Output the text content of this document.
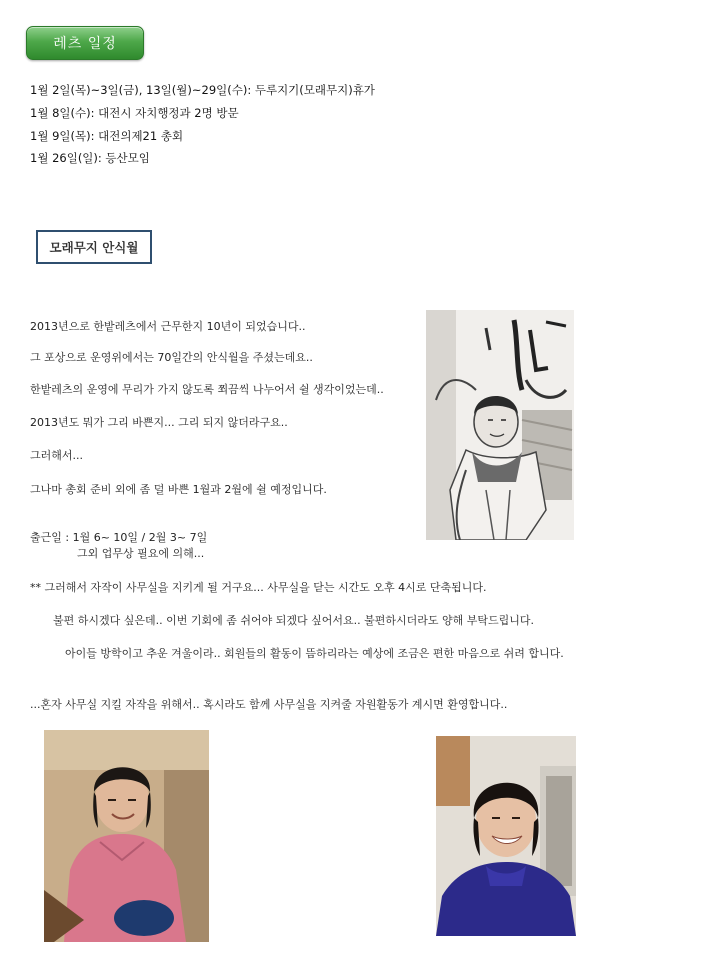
레츠 일정
1월 2일(목)~3일(금), 13일(월)~29일(수): 두루지기(모래무지)휴가
1월 8일(수): 대전시 자치행정과 2명 방문
1월 9일(목): 대전의제21 총회
1월 26일(일): 등산모임
모래무지 안식월
2013년으로 한밭레츠에서 근무한지 10년이 되었습니다..
그 포상으로 운영위에서는 70일간의 안식월을 주셨는데요..
한밭레츠의 운영에 무리가 가지 않도록 쬐끔씩 나누어서 쉴 생각이었는데..
2013년도 뭐가 그리 바쁜지... 그리 되지 않더라구요..
그러해서...
그나마 총회 준비 외에 좀 덜 바쁜 1월과 2월에 쉴 예정입니다.
출근일 : 1월 6~ 10일 / 2월 3~ 7일
그외 업무상 필요에 의해...
** 그러해서 자작이 사무실을 지키게 될 거구요... 사무실을 닫는 시간도 오후 4시로 단축됩니다.
불편 하시겠다 싶은데.. 이번 기회에 좀 쉬어야 되겠다 싶어서요.. 불편하시더라도 양해 부탁드립니다.
아이들 방학이고 추운 겨울이라.. 회원들의 활동이 뜸하리라는 예상에 조금은 편한 마음으로 쉬려 합니다.
...혼자 사무실 지킬 자작을 위해서.. 혹시라도 함께 사무실을 지켜줄 자원활동가 계시면 환영합니다..
